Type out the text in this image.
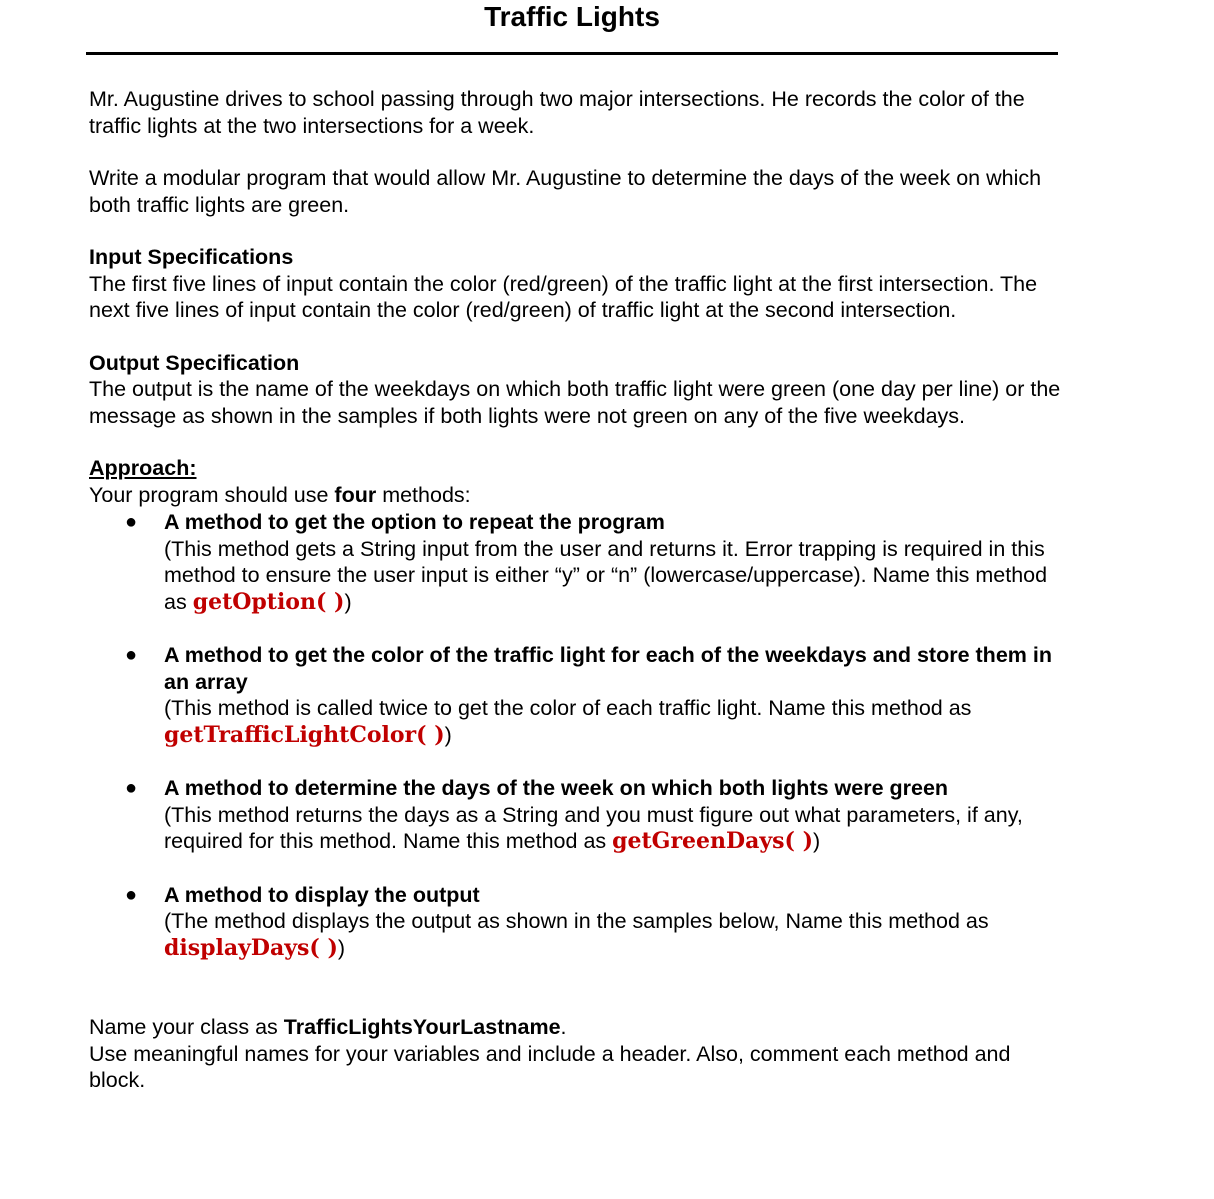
Traffic Lights

Mr. Augustine drives to school passing through two major intersections. He records the color of the traffic lights at the two intersections for a week.

Write a modular program that would allow Mr. Augustine to determine the days of the week on which both traffic lights are green.

Input Specifications
The first five lines of input contain the color (red/green) of the traffic light at the first intersection. The next five lines of input contain the color (red/green) of traffic light at the second intersection.
Output Specification
The output is the name of the weekdays on which both traffic light were green (one day per line) or the message as shown in the samples if both lights were not green on any of the five weekdays.
Approach:
Your program should use four methods:
● A method to get the option to repeat the program
(This method gets a String input from the user and returns it. Error trapping is required in this method to ensure the user input is either “y” or “n” (lowercase/uppercase). Name this method as getOption( ))
● A method to get the color of the traffic light for each of the weekdays and store them in an array
(This method is called twice to get the color of each traffic light. Name this method as getTrafficLightColor( ))
● A method to determine the days of the week on which both lights were green
(This method returns the days as a String and you must figure out what parameters, if any, required for this method. Name this method as getGreenDays( ))
● A method to display the output
(The method displays the output as shown in the samples below, Name this method as displayDays( ))
Name your class as TrafficLightsYourLastname.
Use meaningful names for your variables and include a header. Also, comment each method and block.
